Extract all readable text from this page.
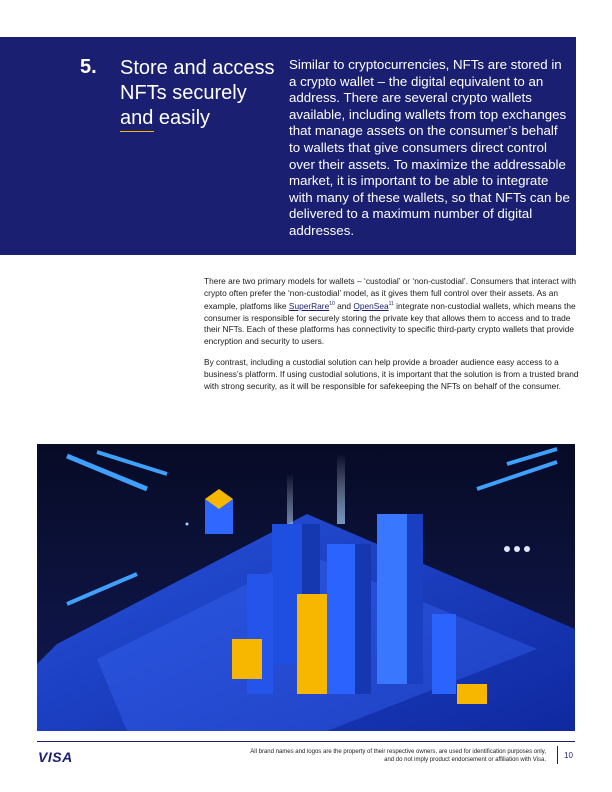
5. Store and access NFTs securely and easily

Similar to cryptocurrencies, NFTs are stored in a crypto wallet – the digital equivalent to an address. There are several crypto wallets available, including wallets from top exchanges that manage assets on the consumer’s behalf to wallets that give consumers direct control over their assets. To maximize the addressable market, it is important to be able to integrate with many of these wallets, so that NFTs can be delivered to a maximum number of digital addresses.

There are two primary models for wallets – ‘custodial’ or ‘non-custodial’. Consumers that interact with crypto often prefer the ‘non-custodial’ model, as it gives them full control over their assets. As an example, platfoms like SuperRare$^{10}$ and OpenSea$^{11}$ integrate non-custodial wallets, which means the consumer is responsible for securely storing the private key that allows them to access and to trade their NFTs. Each of these platforms has connectivity to specific third-party crypto wallets that provide encryption and security to users.

By contrast, including a custodial solution can help provide a broader audience easy access to a business’s platform. If using custodial solutions, it is important that the solution is from a trusted brand with strong security, as it will be responsible for safekeeping the NFTs on behalf of the consumer.

VISA	All brand names and logos are the property of their respective owners, are used for identification purposes only, and do not imply product endorsement or affiliation with Visa. 10
